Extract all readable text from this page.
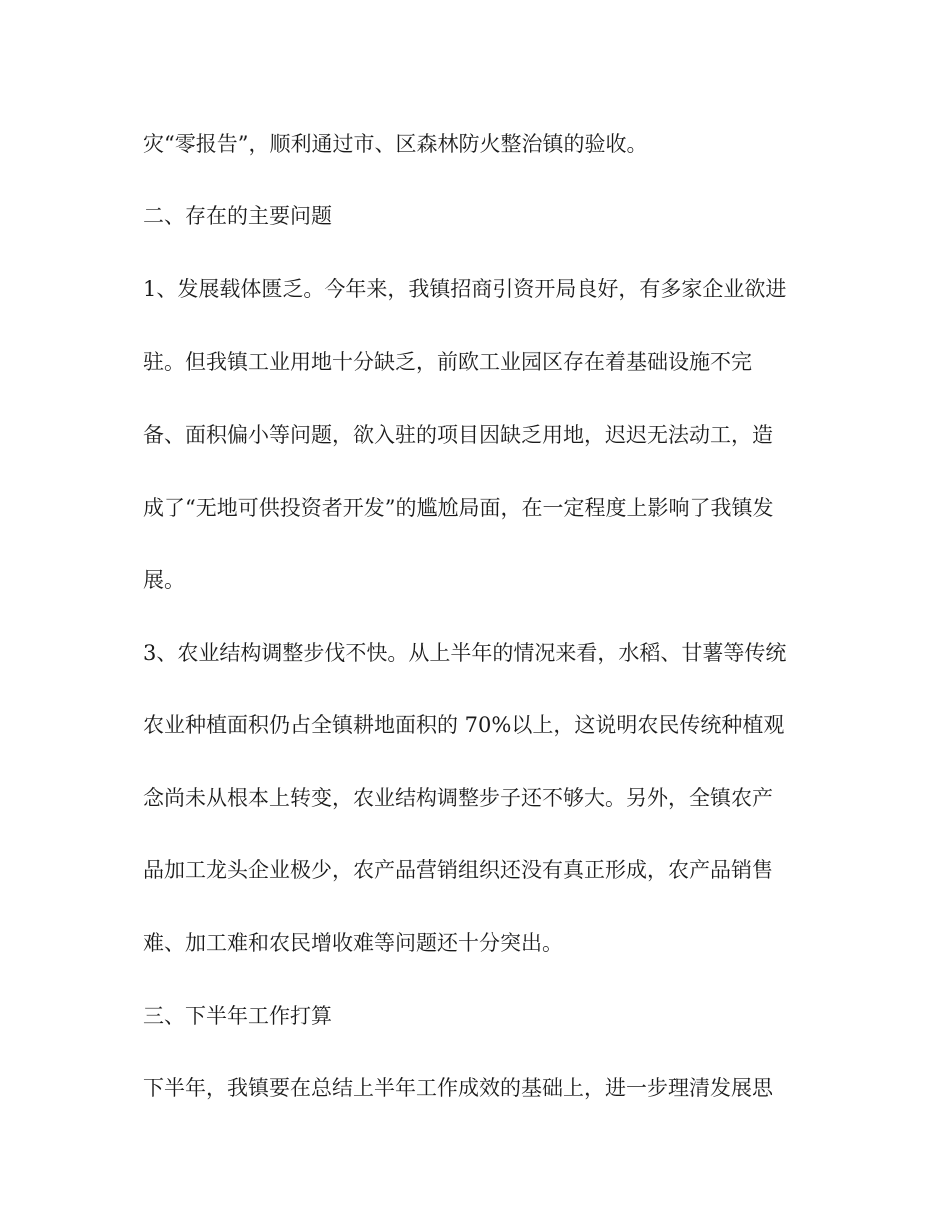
灾“零报告”，顺利通过市、区森林防火整治镇的验收。

二、存在的主要问题

1、发展载体匮乏。今年来，我镇招商引资开局良好，有多家企业欲进

驻。但我镇工业用地十分缺乏，前欧工业园区存在着基础设施不完

备、面积偏小等问题，欲入驻的项目因缺乏用地，迟迟无法动工，造

成了“无地可供投资者开发”的尴尬局面，在一定程度上影响了我镇发

展。

3、农业结构调整步伐不快。从上半年的情况来看，水稻、甘薯等传统

农业种植面积仍占全镇耕地面积的 70%以上，这说明农民传统种植观

念尚未从根本上转变，农业结构调整步子还不够大。另外，全镇农产

品加工龙头企业极少，农产品营销组织还没有真正形成，农产品销售

难、加工难和农民增收难等问题还十分突出。

三、下半年工作打算

下半年，我镇要在总结上半年工作成效的基础上，进一步理清发展思
